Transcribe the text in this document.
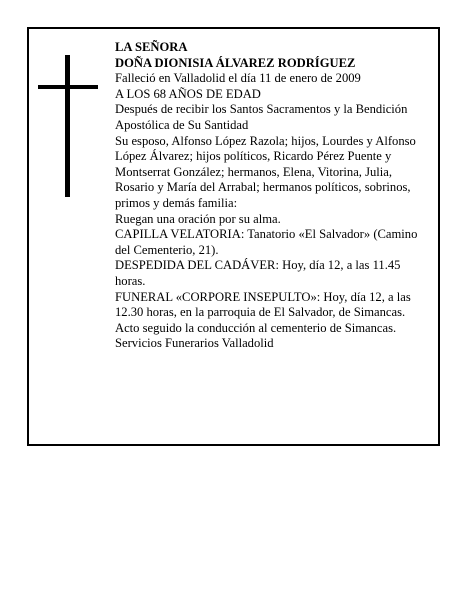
LA SEÑORA

DOÑA DIONISIA ÁLVAREZ RODRÍGUEZ

Falleció en Valladolid el día 11 de enero de 2009

A LOS 68 AÑOS DE EDAD

Después de recibir los Santos Sacramentos y la Bendición Apostólica de Su Santidad

Su esposo, Alfonso López Razola; hijos, Lourdes y Alfonso López Álvarez; hijos políticos, Ricardo Pérez Puente y Montserrat González; hermanos, Elena, Vitorina, Julia, Rosario y María del Arrabal; hermanos políticos, sobrinos, primos y demás familia:

Ruegan una oración por su alma.

CAPILLA VELATORIA: Tanatorio «El Salvador» (Camino del Cementerio, 21).

DESPEDIDA DEL CADÁVER: Hoy, día 12, a las 11.45 horas.

FUNERAL «CORPORE INSEPULTO»: Hoy, día 12, a las 12.30 horas, en la parroquia de El Salvador, de Simancas. Acto seguido la conducción al cementerio de Simancas.

Servicios Funerarios Valladolid
